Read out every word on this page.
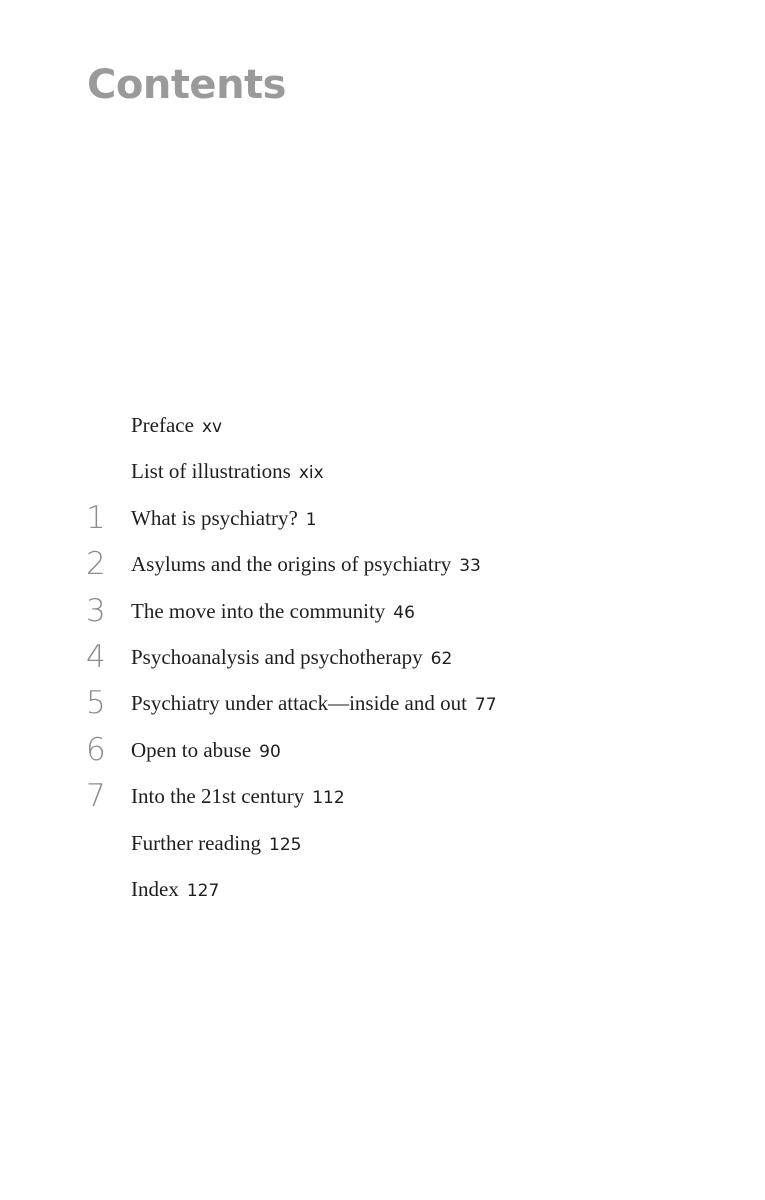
Contents
Preface xv
List of illustrations xix
1 What is psychiatry? 1
2 Asylums and the origins of psychiatry 33
3 The move into the community 46
4 Psychoanalysis and psychotherapy 62
5 Psychiatry under attack—inside and out 77
6 Open to abuse 90
7 Into the 21st century 112
Further reading 125
Index 127
